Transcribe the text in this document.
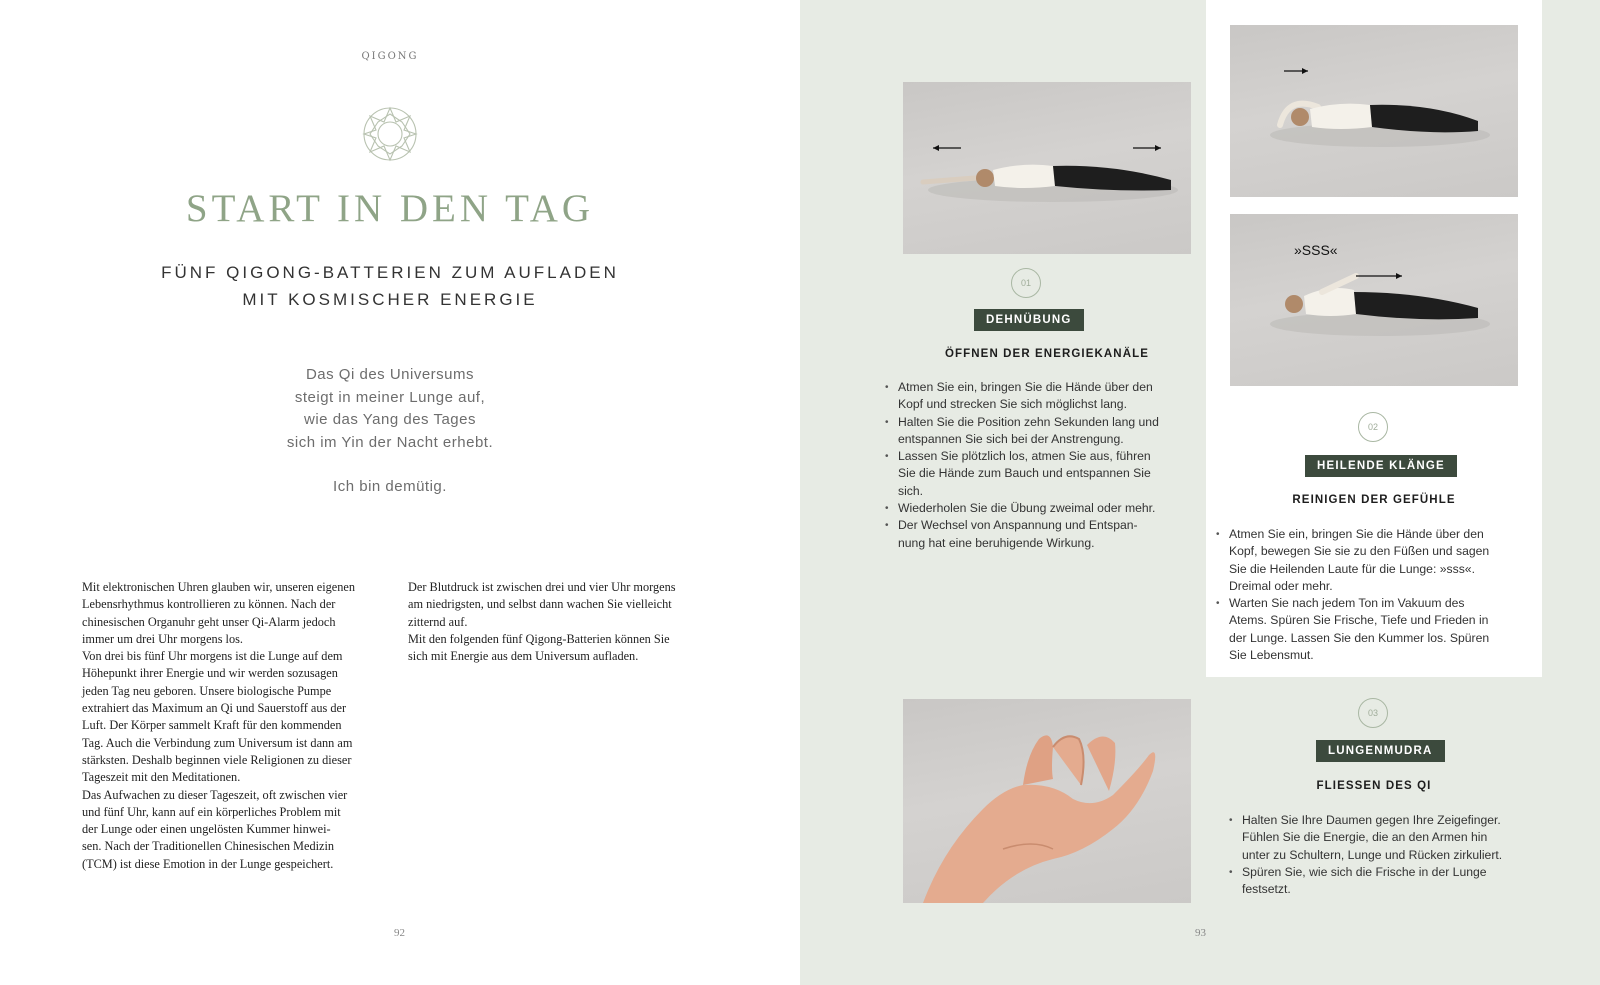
QIGONG
START IN DEN TAG
FÜNF QIGONG-BATTERIEN ZUM AUFLADEN
MIT KOSMISCHER ENERGIE
Das Qi des Universums
steigt in meiner Lunge auf,
wie das Yang des Tages
sich im Yin der Nacht erhebt.
Ich bin demütig.
Mit elektronischen Uhren glauben wir, unseren eigenen
Lebensrhythmus kontrollieren zu können. Nach der
chinesischen Organuhr geht unser Qi-Alarm jedoch
immer um drei Uhr morgens los.
Von drei bis fünf Uhr morgens ist die Lunge auf dem
Höhepunkt ihrer Energie und wir werden sozusagen
jeden Tag neu geboren. Unsere biologische Pumpe
extrahiert das Maximum an Qi und Sauerstoff aus der
Luft. Der Körper sammelt Kraft für den kommenden
Tag. Auch die Verbindung zum Universum ist dann am
stärksten. Deshalb beginnen viele Religionen zu dieser
Tageszeit mit den Meditationen.
Das Aufwachen zu dieser Tageszeit, oft zwischen vier
und fünf Uhr, kann auf ein körperliches Problem mit
der Lunge oder einen ungelösten Kummer hinwei-
sen. Nach der Traditionellen Chinesischen Medizin
(TCM) ist diese Emotion in der Lunge gespeichert.
Der Blutdruck ist zwischen drei und vier Uhr morgens
am niedrigsten, und selbst dann wachen Sie vielleicht
zitternd auf.
Mit den folgenden fünf Qigong-Batterien können Sie
sich mit Energie aus dem Universum aufladen.
92
»SSS«
01
DEHNÜBUNG
ÖFFNEN DER ENERGIEKANÄLE
• Atmen Sie ein, bringen Sie die Hände über den
Kopf und strecken Sie sich möglichst lang.
• Halten Sie die Position zehn Sekunden lang und
entspannen Sie sich bei der Anstrengung.
• Lassen Sie plötzlich los, atmen Sie aus, führen
Sie die Hände zum Bauch und entspannen Sie
sich.
• Wiederholen Sie die Übung zweimal oder mehr.
• Der Wechsel von Anspannung und Entspan-
nung hat eine beruhigende Wirkung.
02
HEILENDE KLÄNGE
REINIGEN DER GEFÜHLE
• Atmen Sie ein, bringen Sie die Hände über den
Kopf, bewegen Sie sie zu den Füßen und sagen
Sie die Heilenden Laute für die Lunge: »sss«.
Dreimal oder mehr.
• Warten Sie nach jedem Ton im Vakuum des
Atems. Spüren Sie Frische, Tiefe und Frieden in
der Lunge. Lassen Sie den Kummer los. Spüren
Sie Lebensmut.
03
LUNGENMUDRA
FLIESSEN DES QI
• Halten Sie Ihre Daumen gegen Ihre Zeigefinger.
Fühlen Sie die Energie, die an den Armen hin
unter zu Schultern, Lunge und Rücken zirkuliert.
• Spüren Sie, wie sich die Frische in der Lunge
festsetzt.
93
